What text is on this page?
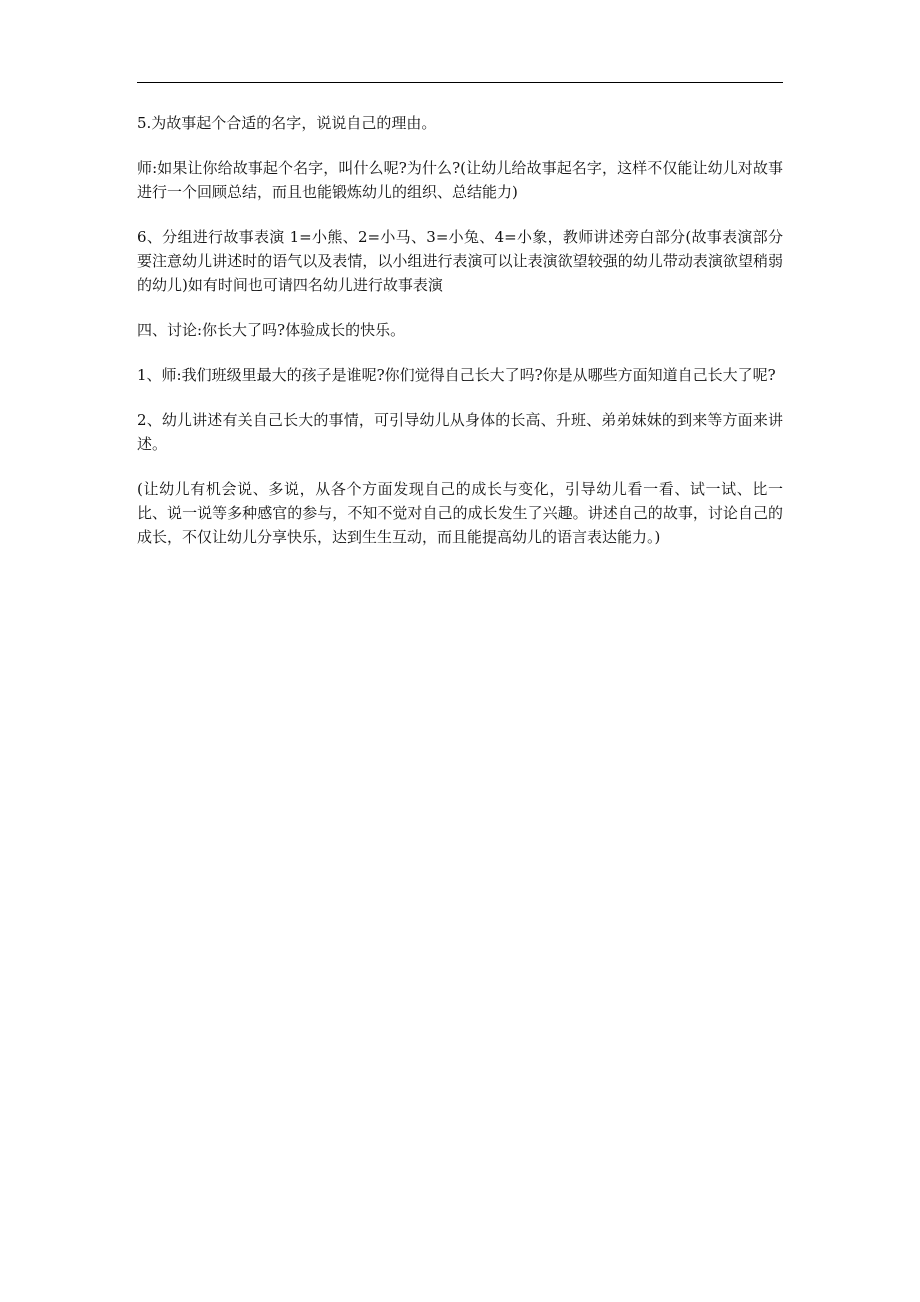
5.为故事起个合适的名字，说说自己的理由。

师:如果让你给故事起个名字，叫什么呢?为什么?(让幼儿给故事起名字，这样不仅能让幼儿对故事进行一个回顾总结，而且也能锻炼幼儿的组织、总结能力)

6、分组进行故事表演 1=小熊、2=小马、3=小兔、4=小象，教师讲述旁白部分(故事表演部分要注意幼儿讲述时的语气以及表情，以小组进行表演可以让表演欲望较强的幼儿带动表演欲望稍弱的幼儿)如有时间也可请四名幼儿进行故事表演

四、讨论:你长大了吗?体验成长的快乐。

1、师:我们班级里最大的孩子是谁呢?你们觉得自己长大了吗?你是从哪些方面知道自己长大了呢?

2、幼儿讲述有关自己长大的事情，可引导幼儿从身体的长高、升班、弟弟妹妹的到来等方面来讲述。

(让幼儿有机会说、多说，从各个方面发现自己的成长与变化，引导幼儿看一看、试一试、比一比、说一说等多种感官的参与，不知不觉对自己的成长发生了兴趣。讲述自己的故事，讨论自己的成长，不仅让幼儿分享快乐，达到生生互动，而且能提高幼儿的语言表达能力。)
